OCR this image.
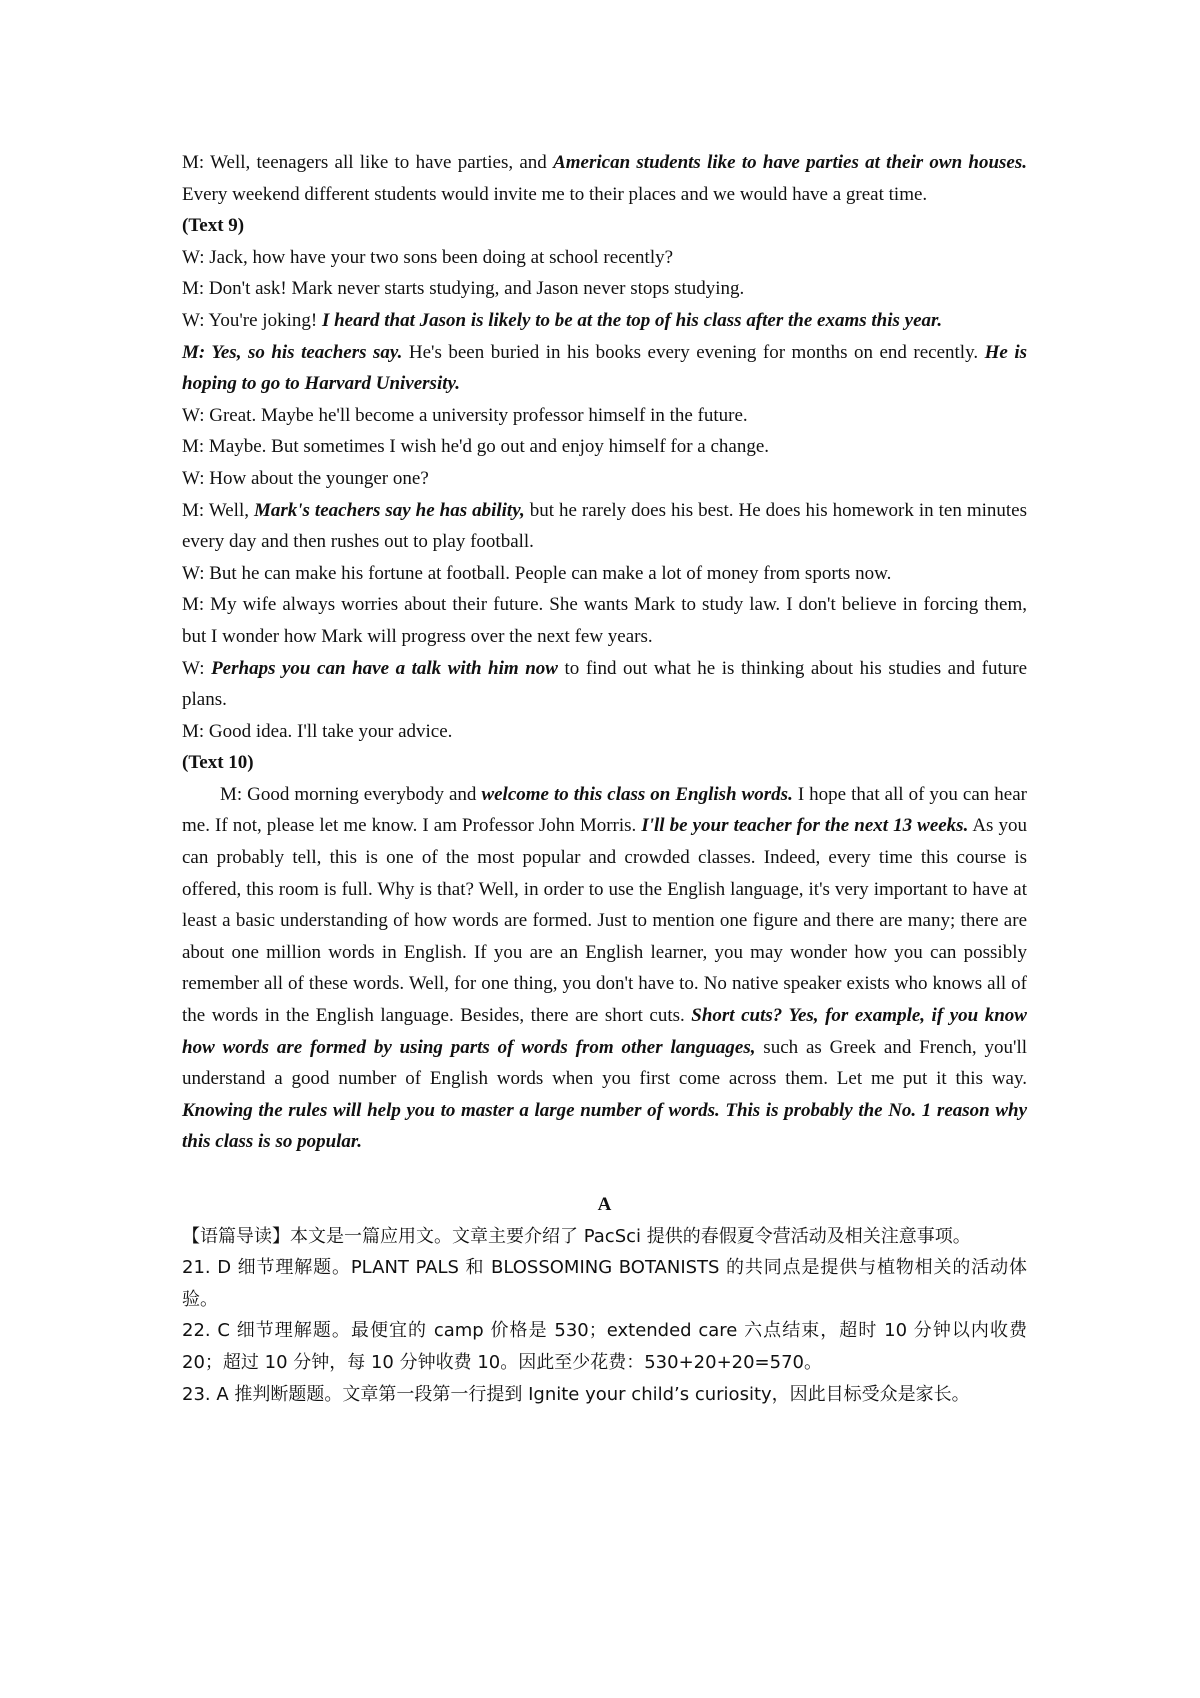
M: Well, teenagers all like to have parties, and American students like to have parties at their own houses. Every weekend different students would invite me to their places and we would have a great time.

(Text 9)

W: Jack, how have your two sons been doing at school recently?

M: Don't ask! Mark never starts studying, and Jason never stops studying.

W: You're joking! I heard that Jason is likely to be at the top of his class after the exams this year.

M: Yes, so his teachers say. He's been buried in his books every evening for months on end recently. He is hoping to go to Harvard University.

W: Great. Maybe he'll become a university professor himself in the future.

M: Maybe. But sometimes I wish he'd go out and enjoy himself for a change.

W: How about the younger one?

M: Well, Mark's teachers say he has ability, but he rarely does his best. He does his homework in ten minutes every day and then rushes out to play football.

W: But he can make his fortune at football. People can make a lot of money from sports now.

M: My wife always worries about their future. She wants Mark to study law. I don't believe in forcing them, but I wonder how Mark will progress over the next few years.

W: Perhaps you can have a talk with him now to find out what he is thinking about his studies and future plans.

M: Good idea. I'll take your advice.

(Text 10)

M: Good morning everybody and welcome to this class on English words. I hope that all of you can hear me. If not, please let me know. I am Professor John Morris. I'll be your teacher for the next 13 weeks. As you can probably tell, this is one of the most popular and crowded classes. Indeed, every time this course is offered, this room is full. Why is that? Well, in order to use the English language, it's very important to have at least a basic understanding of how words are formed. Just to mention one figure and there are many; there are about one million words in English. If you are an English learner, you may wonder how you can possibly remember all of these words. Well, for one thing, you don't have to. No native speaker exists who knows all of the words in the English language. Besides, there are short cuts. Short cuts? Yes, for example, if you know how words are formed by using parts of words from other languages, such as Greek and French, you'll understand a good number of English words when you first come across them. Let me put it this way. Knowing the rules will help you to master a large number of words. This is probably the No. 1 reason why this class is so popular.

A

【语篇导读】本文是一篇应用文。文章主要介绍了 PacSci 提供的春假夏令营活动及相关注意事项。

21. D 细节理解题。PLANT PALS 和 BLOSSOMING BOTANISTS 的共同点是提供与植物相关的活动体验。

22. C 细节理解题。最便宜的 camp 价格是 530；extended care 六点结束，超时 10 分钟以内收费 20；超过 10 分钟，每 10 分钟收费 10。因此至少花费：530+20+20=570。

23. A 推判断题题。文章第一段第一行提到 Ignite your child’s curiosity，因此目标受众是家长。
